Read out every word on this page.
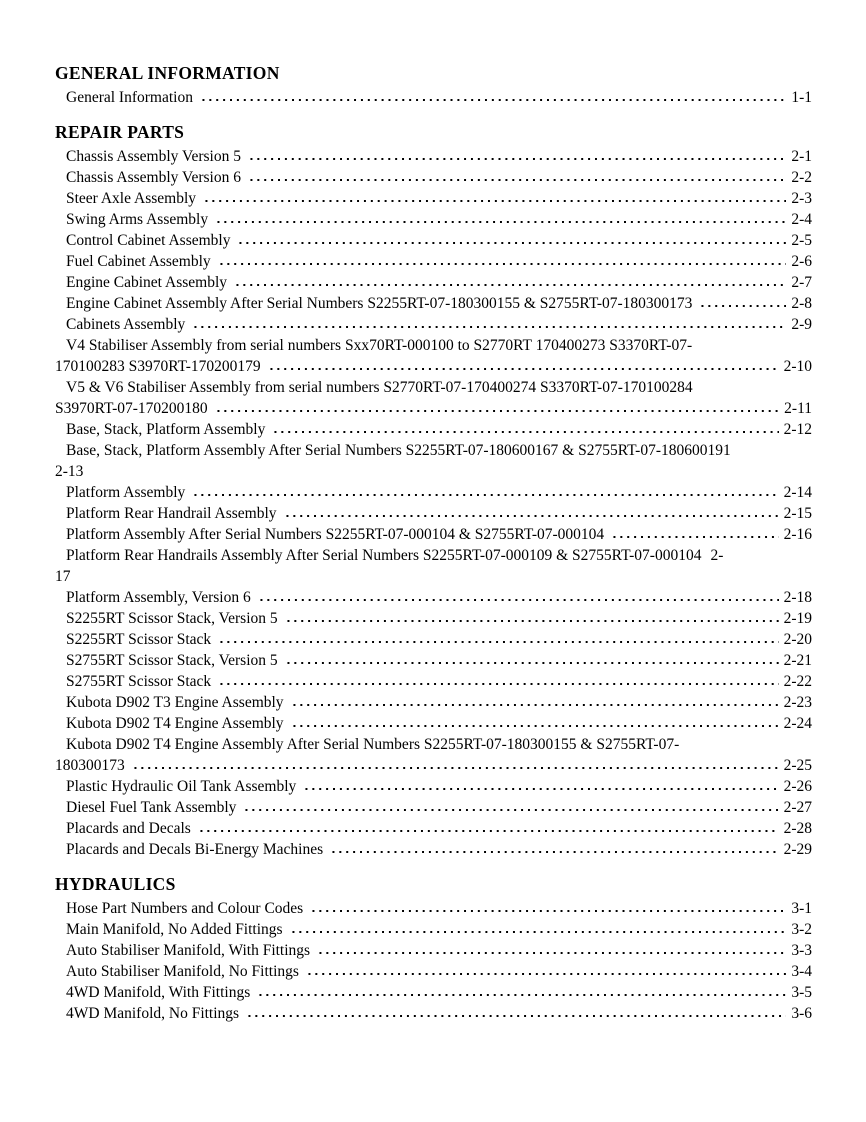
GENERAL INFORMATION
General Information	1-1
REPAIR PARTS
Chassis Assembly Version 5	2-1
Chassis Assembly Version 6	2-2
Steer Axle Assembly	2-3
Swing Arms Assembly	2-4
Control Cabinet Assembly	2-5
Fuel Cabinet Assembly	2-6
Engine Cabinet Assembly	2-7
Engine Cabinet Assembly After Serial Numbers S2255RT-07-180300155 & S2755RT-07-180300173	2-8
Cabinets Assembly	2-9
V4 Stabiliser Assembly from serial numbers Sxx70RT-000100 to S2770RT 170400273 S3370RT-07-
170100283 S3970RT-170200179	2-10
V5 & V6 Stabiliser Assembly from serial numbers S2770RT-07-170400274 S3370RT-07-170100284
S3970RT-07-170200180	2-11
Base, Stack, Platform Assembly	2-12
Base, Stack, Platform Assembly After Serial Numbers S2255RT-07-180600167 & S2755RT-07-180600191
2-13
Platform Assembly	2-14
Platform Rear Handrail Assembly	2-15
Platform Assembly After Serial Numbers S2255RT-07-000104 & S2755RT-07-000104	2-16
Platform Rear Handrails Assembly After Serial Numbers S2255RT-07-000109 & S2755RT-07-000104 2-
17
Platform Assembly, Version 6	2-18
S2255RT Scissor Stack, Version 5	2-19
S2255RT Scissor Stack	2-20
S2755RT Scissor Stack, Version 5	2-21
S2755RT Scissor Stack	2-22
Kubota D902 T3 Engine Assembly	2-23
Kubota D902 T4 Engine Assembly	2-24
Kubota D902 T4 Engine Assembly After Serial Numbers S2255RT-07-180300155 & S2755RT-07-
180300173	2-25
Plastic Hydraulic Oil Tank Assembly	2-26
Diesel Fuel Tank Assembly	2-27
Placards and Decals	2-28
Placards and Decals Bi-Energy Machines	2-29
HYDRAULICS
Hose Part Numbers and Colour Codes	3-1
Main Manifold, No Added Fittings	3-2
Auto Stabiliser Manifold, With Fittings	3-3
Auto Stabiliser Manifold, No Fittings	3-4
4WD Manifold, With Fittings	3-5
4WD Manifold, No Fittings	3-6
